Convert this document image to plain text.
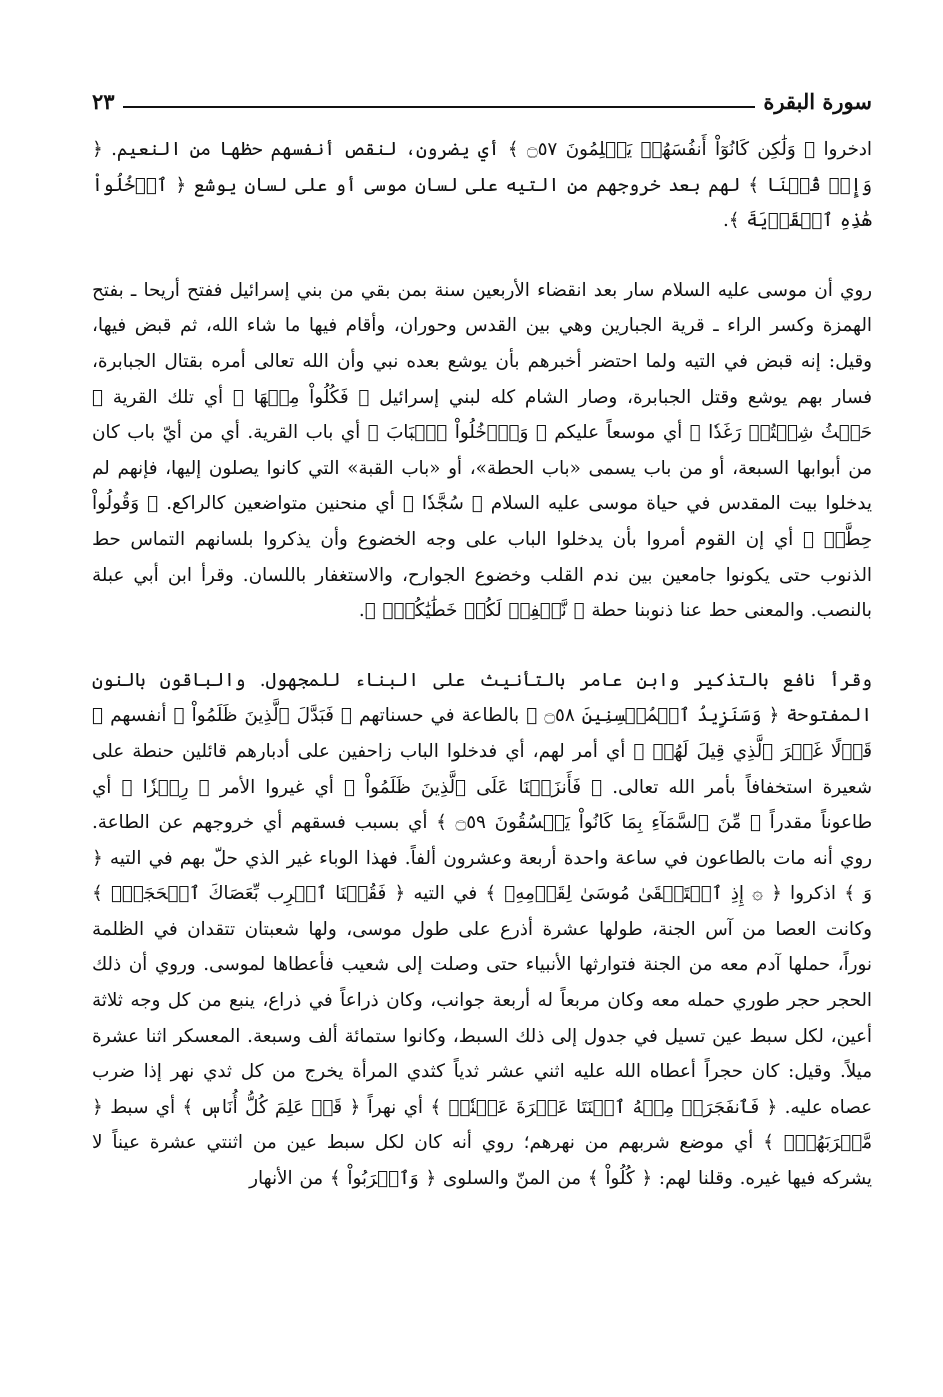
سورة البقرة
٢٣

ادخروا ﴿ وَلَٰكِن كَانُوٓاْ أَنفُسَهُمۡ يَظۡلِمُونَ ۝٥٧ ﴾ أي يضرون، لنقص أنفسهم حظها من النعيم. ﴿ وَإِذۡ قُلۡنَا ﴾ لهم بعد خروجهم من التيه على لسان موسى أو على لسان يوشع ﴿ ٱدۡخُلُواْ هَٰذِهِ ٱلۡقَرۡيَةَ ﴾.

روي أن موسى عليه السلام سار بعد انقضاء الأربعين سنة بمن بقي من بني إسرائيل ففتح أريحا ـ بفتح الهمزة وكسر الراء ـ قرية الجبارين وهي بين القدس وحوران، وأقام فيها ما شاء الله، ثم قبض فيها، وقيل: إنه قبض في التيه ولما احتضر أخبرهم بأن يوشع بعده نبي وأن الله تعالى أمره بقتال الجبابرة، فسار بهم يوشع وقتل الجبابرة، وصار الشام كله لبني إسرائيل ﴿ فَكُلُواْ مِنۡهَا ﴾ أي تلك القرية ﴿ حَيۡثُ شِئۡتُمۡ رَغَدٗا ﴾ أي موسعاً عليكم ﴿ وَٱدۡخُلُواْ ٱلۡبَابَ ﴾ أي باب القرية. أي من أيّ باب كان من أبوابها السبعة، أو من باب يسمى «باب الحطة»، أو «باب القبة» التي كانوا يصلون إليها، فإنهم لم يدخلوا بيت المقدس في حياة موسى عليه السلام ﴿ سُجَّدٗا ﴾ أي منحنين متواضعين كالراكع. ﴿ وَقُولُواْ حِطَّةٞ ﴾ أي إن القوم أمروا بأن يدخلوا الباب على وجه الخضوع وأن يذكروا بلسانهم التماس حط الذنوب حتى يكونوا جامعين بين ندم القلب وخضوع الجوارح، والاستغفار باللسان. وقرأ ابن أبي عبلة بالنصب. والمعنى حط عنا ذنوبنا حطة ﴿ نَّغۡفِرۡ لَكُمۡ خَطَٰيَٰكُمۡۚ ﴾.

وقرأ نافع بالتذكير وابن عامر بالتأنيث على البناء للمجهول. والباقون بالنون المفتوحة ﴿ وَسَنَزِيدُ ٱلۡمُحۡسِنِينَ ۝٥٨ ﴾ بالطاعة في حسناتهم ﴿ فَبَدَّلَ ٱلَّذِينَ ظَلَمُواْ ﴾ أنفسهم ﴿ قَوۡلًا غَيۡرَ ٱلَّذِي قِيلَ لَهُمۡ ﴾ أي أمر لهم، أي فدخلوا الباب زاحفين على أدبارهم قائلين حنطة على شعيرة استخفافاً بأمر الله تعالى. ﴿ فَأَنزَلۡنَا عَلَى ٱلَّذِينَ ظَلَمُواْ ﴾ أي غيروا الأمر ﴿ رِجۡزٗا ﴾ أي طاعوناً مقدراً ﴿ مِّنَ ٱلسَّمَآءِ بِمَا كَانُواْ يَفۡسُقُونَ ۝٥٩ ﴾ أي بسبب فسقهم أي خروجهم عن الطاعة. روي أنه مات بالطاعون في ساعة واحدة أربعة وعشرون ألفاً. فهذا الوباء غير الذي حلّ بهم في التيه ﴿ وَ ﴾ اذكروا ﴿ ۞ إِذِ ٱسۡتَسۡقَىٰ مُوسَىٰ لِقَوۡمِهِۦ ﴾ في التيه ﴿ فَقُلۡنَا ٱضۡرِب بِّعَصَاكَ ٱلۡحَجَرَۖ ﴾ وكانت العصا من آس الجنة، طولها عشرة أذرع على طول موسى، ولها شعبتان تتقدان في الظلمة نوراً، حملها آدم معه من الجنة فتوارثها الأنبياء حتى وصلت إلى شعيب فأعطاها لموسى. وروي أن ذلك الحجر حجر طوري حمله معه وكان مربعاً له أربعة جوانب، وكان ذراعاً في ذراع، ينبع من كل وجه ثلاثة أعين، لكل سبط عين تسيل في جدول إلى ذلك السبط، وكانوا ستمائة ألف وسبعة. المعسكر اثنا عشرة ميلاً. وقيل: كان حجراً أعطاه الله عليه اثني عشر ثدياً كثدي المرأة يخرج من كل ثدي نهر إذا ضرب عصاه عليه. ﴿ فَٱنفَجَرَتۡ مِنۡهُ ٱثۡنَتَا عَشۡرَةَ عَيۡنٗاۖ ﴾ أي نهراً ﴿ قَدۡ عَلِمَ كُلُّ أُنَاسٖ ﴾ أي سبط ﴿ مَّشۡرَبَهُمۡۖ ﴾ أي موضع شربهم من نهرهم؛ روي أنه كان لكل سبط عين من اثنتي عشرة عيناً لا يشركه فيها غيره. وقلنا لهم: ﴿ كُلُواْ ﴾ من المنّ والسلوى ﴿ وَٱشۡرَبُواْ ﴾ من الأنهار
